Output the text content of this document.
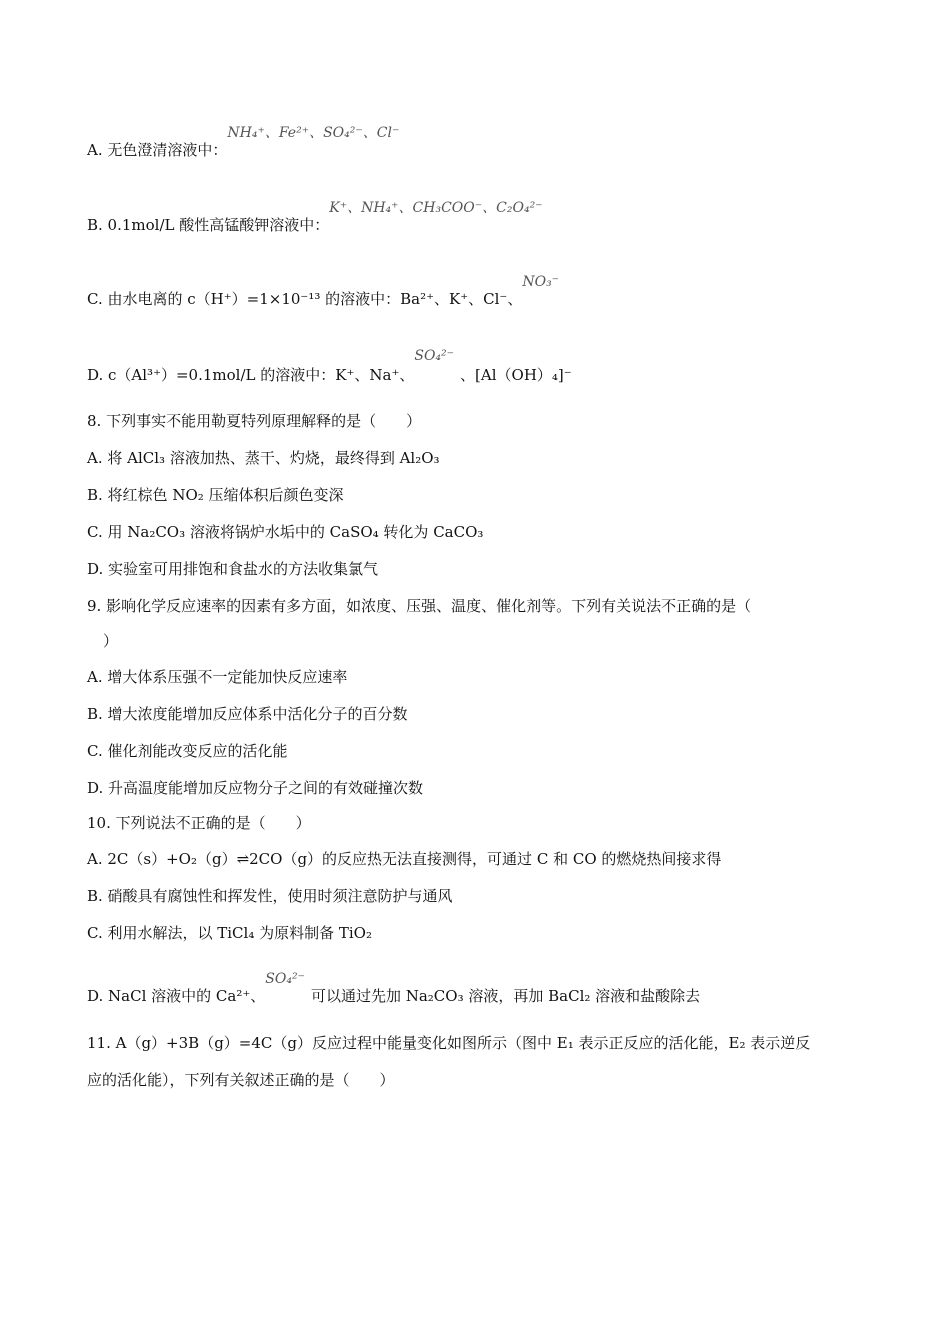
A. 无色澄清溶液中：NH₄⁺、Fe²⁺、SO₄²⁻、Cl⁻
B. 0.1mol/L 酸性高锰酸钾溶液中：K⁺、NH₄⁺、CH₃COO⁻、C₂O₄²⁻
C. 由水电离的 c（H⁺）=1×10⁻¹³ 的溶液中：Ba²⁺、K⁺、Cl⁻、NO₃⁻
D. c（Al³⁺）=0.1mol/L 的溶液中：K⁺、Na⁺、SO₄²⁻、[Al（OH）₄]⁻
8. 下列事实不能用勒夏特列原理解释的是（　　）
A. 将 AlCl₃ 溶液加热、蒸干、灼烧，最终得到 Al₂O₃
B. 将红棕色 NO₂ 压缩体积后颜色变深
C. 用 Na₂CO₃ 溶液将锅炉水垢中的 CaSO₄ 转化为 CaCO₃
D. 实验室可用排饱和食盐水的方法收集氯气
9. 影响化学反应速率的因素有多方面，如浓度、压强、温度、催化剂等。下列有关说法不正确的是（
）
A. 增大体系压强不一定能加快反应速率
B. 增大浓度能增加反应体系中活化分子的百分数
C. 催化剂能改变反应的活化能
D. 升高温度能增加反应物分子之间的有效碰撞次数
10. 下列说法不正确的是（　　）
A. 2C（s）+O₂（g）⇌2CO（g）的反应热无法直接测得，可通过 C 和 CO 的燃烧热间接求得
B. 硝酸具有腐蚀性和挥发性，使用时须注意防护与通风
C. 利用水解法，以 TiCl₄ 为原料制备 TiO₂
D. NaCl 溶液中的 Ca²⁺、SO₄²⁻可以通过先加 Na₂CO₃ 溶液，再加 BaCl₂ 溶液和盐酸除去
11. A（g）+3B（g）=4C（g）反应过程中能量变化如图所示（图中 E₁ 表示正反应的活化能，E₂ 表示逆反
应的活化能），下列有关叙述正确的是（　　）
